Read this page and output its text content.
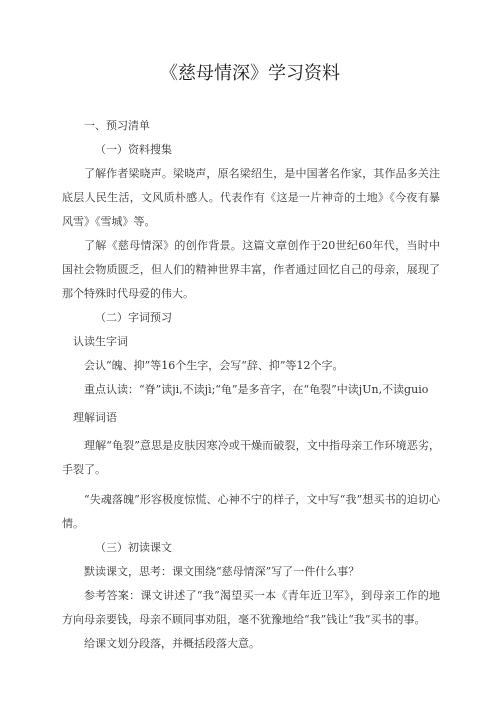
《慈母情深》学习资料

一、预习清单

（一）资料搜集

了解作者梁晓声。梁晓声，原名梁绍生，是中国著名作家，其作品多关注底层人民生活，文风质朴感人。代表作有《这是一片神奇的土地》《今夜有暴风雪》《雪城》等。

了解《慈母情深》的创作背景。这篇文章创作于20世纪60年代，当时中国社会物质匮乏，但人们的精神世界丰富，作者通过回忆自己的母亲，展现了那个特殊时代母爱的伟大。

（二）字词预习

认读生字词

会认“魄、抑”等16个生字，会写“辞、抑”等12个字。

重点认读：“脊”读ji,不读jì;“龟”是多音字，在“龟裂”中读jUn,不读guio

理解词语

理解“龟裂”意思是皮肤因寒冷或干燥而破裂，文中指母亲工作环境恶劣，手裂了。

“失魂落魄”形容极度惊慌、心神不宁的样子，文中写“我”想买书的迫切心情。

（三）初读课文

默读课文，思考：课文围绕“慈母情深”写了一件什么事？

参考答案：课文讲述了“我”渴望买一本《青年近卫军》，到母亲工作的地方向母亲要钱，母亲不顾同事劝阻，毫不犹豫地给“我”钱让“我”买书的事。

给课文划分段落，并概括段落大意。
